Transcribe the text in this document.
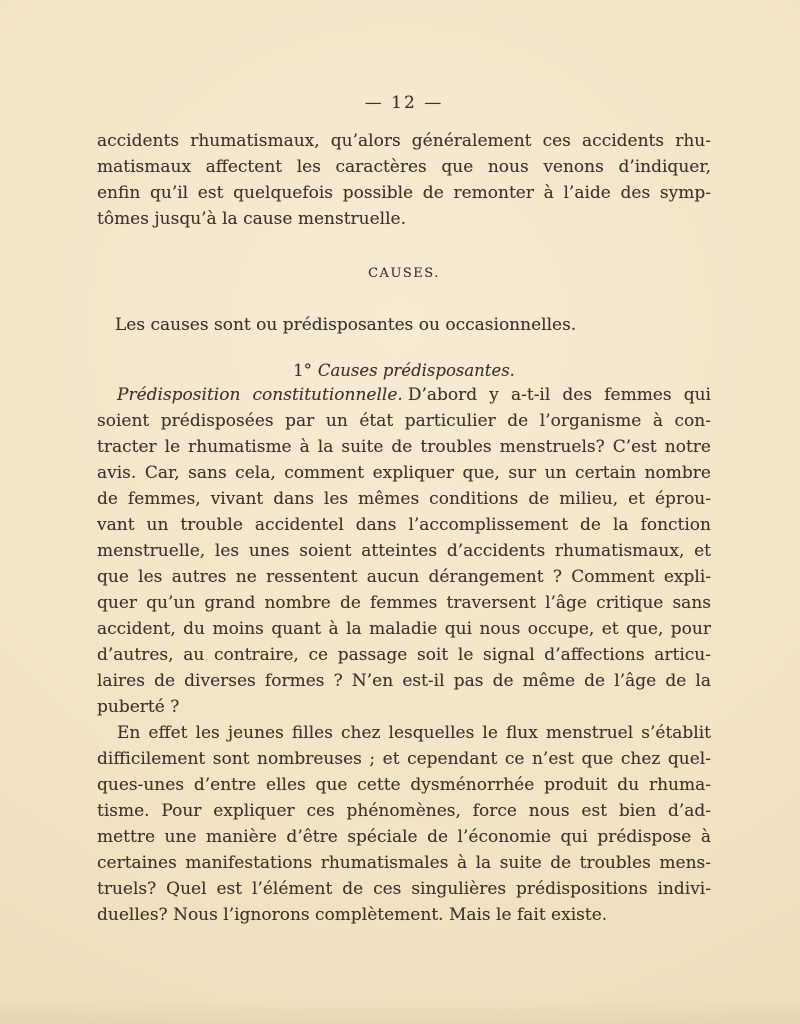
— 12 —
accidents rhumatismaux, qu’alors généralement ces accidents rhu-
matismaux affectent les caractères que nous venons d’indiquer,
enfin qu’il est quelquefois possible de remonter à l’aide des symp-
tômes jusqu’à la cause menstruelle.
CAUSES.
Les causes sont ou prédisposantes ou occasionnelles.
1° Causes prédisposantes.
Prédisposition constitutionnelle. D’abord y a-t-il des femmes qui
soient prédisposées par un état particulier de l’organisme à con-
tracter le rhumatisme à la suite de troubles menstruels? C’est notre
avis. Car, sans cela, comment expliquer que, sur un certain nombre
de femmes, vivant dans les mêmes conditions de milieu, et éprou-
vant un trouble accidentel dans l’accomplissement de la fonction
menstruelle, les unes soient atteintes d’accidents rhumatismaux, et
que les autres ne ressentent aucun dérangement ? Comment expli-
quer qu’un grand nombre de femmes traversent l’âge critique sans
accident, du moins quant à la maladie qui nous occupe, et que, pour
d’autres, au contraire, ce passage soit le signal d’affections articu-
laires de diverses formes ? N’en est-il pas de même de l’âge de la
puberté ?
En effet les jeunes filles chez lesquelles le flux menstruel s’établit
difficilement sont nombreuses ; et cependant ce n’est que chez quel-
ques-unes d’entre elles que cette dysménorrhée produit du rhuma-
tisme. Pour expliquer ces phénomènes, force nous est bien d’ad-
mettre une manière d’être spéciale de l’économie qui prédispose à
certaines manifestations rhumatismales à la suite de troubles mens-
truels? Quel est l’élément de ces singulières prédispositions indivi-
duelles? Nous l’ignorons complètement. Mais le fait existe.
